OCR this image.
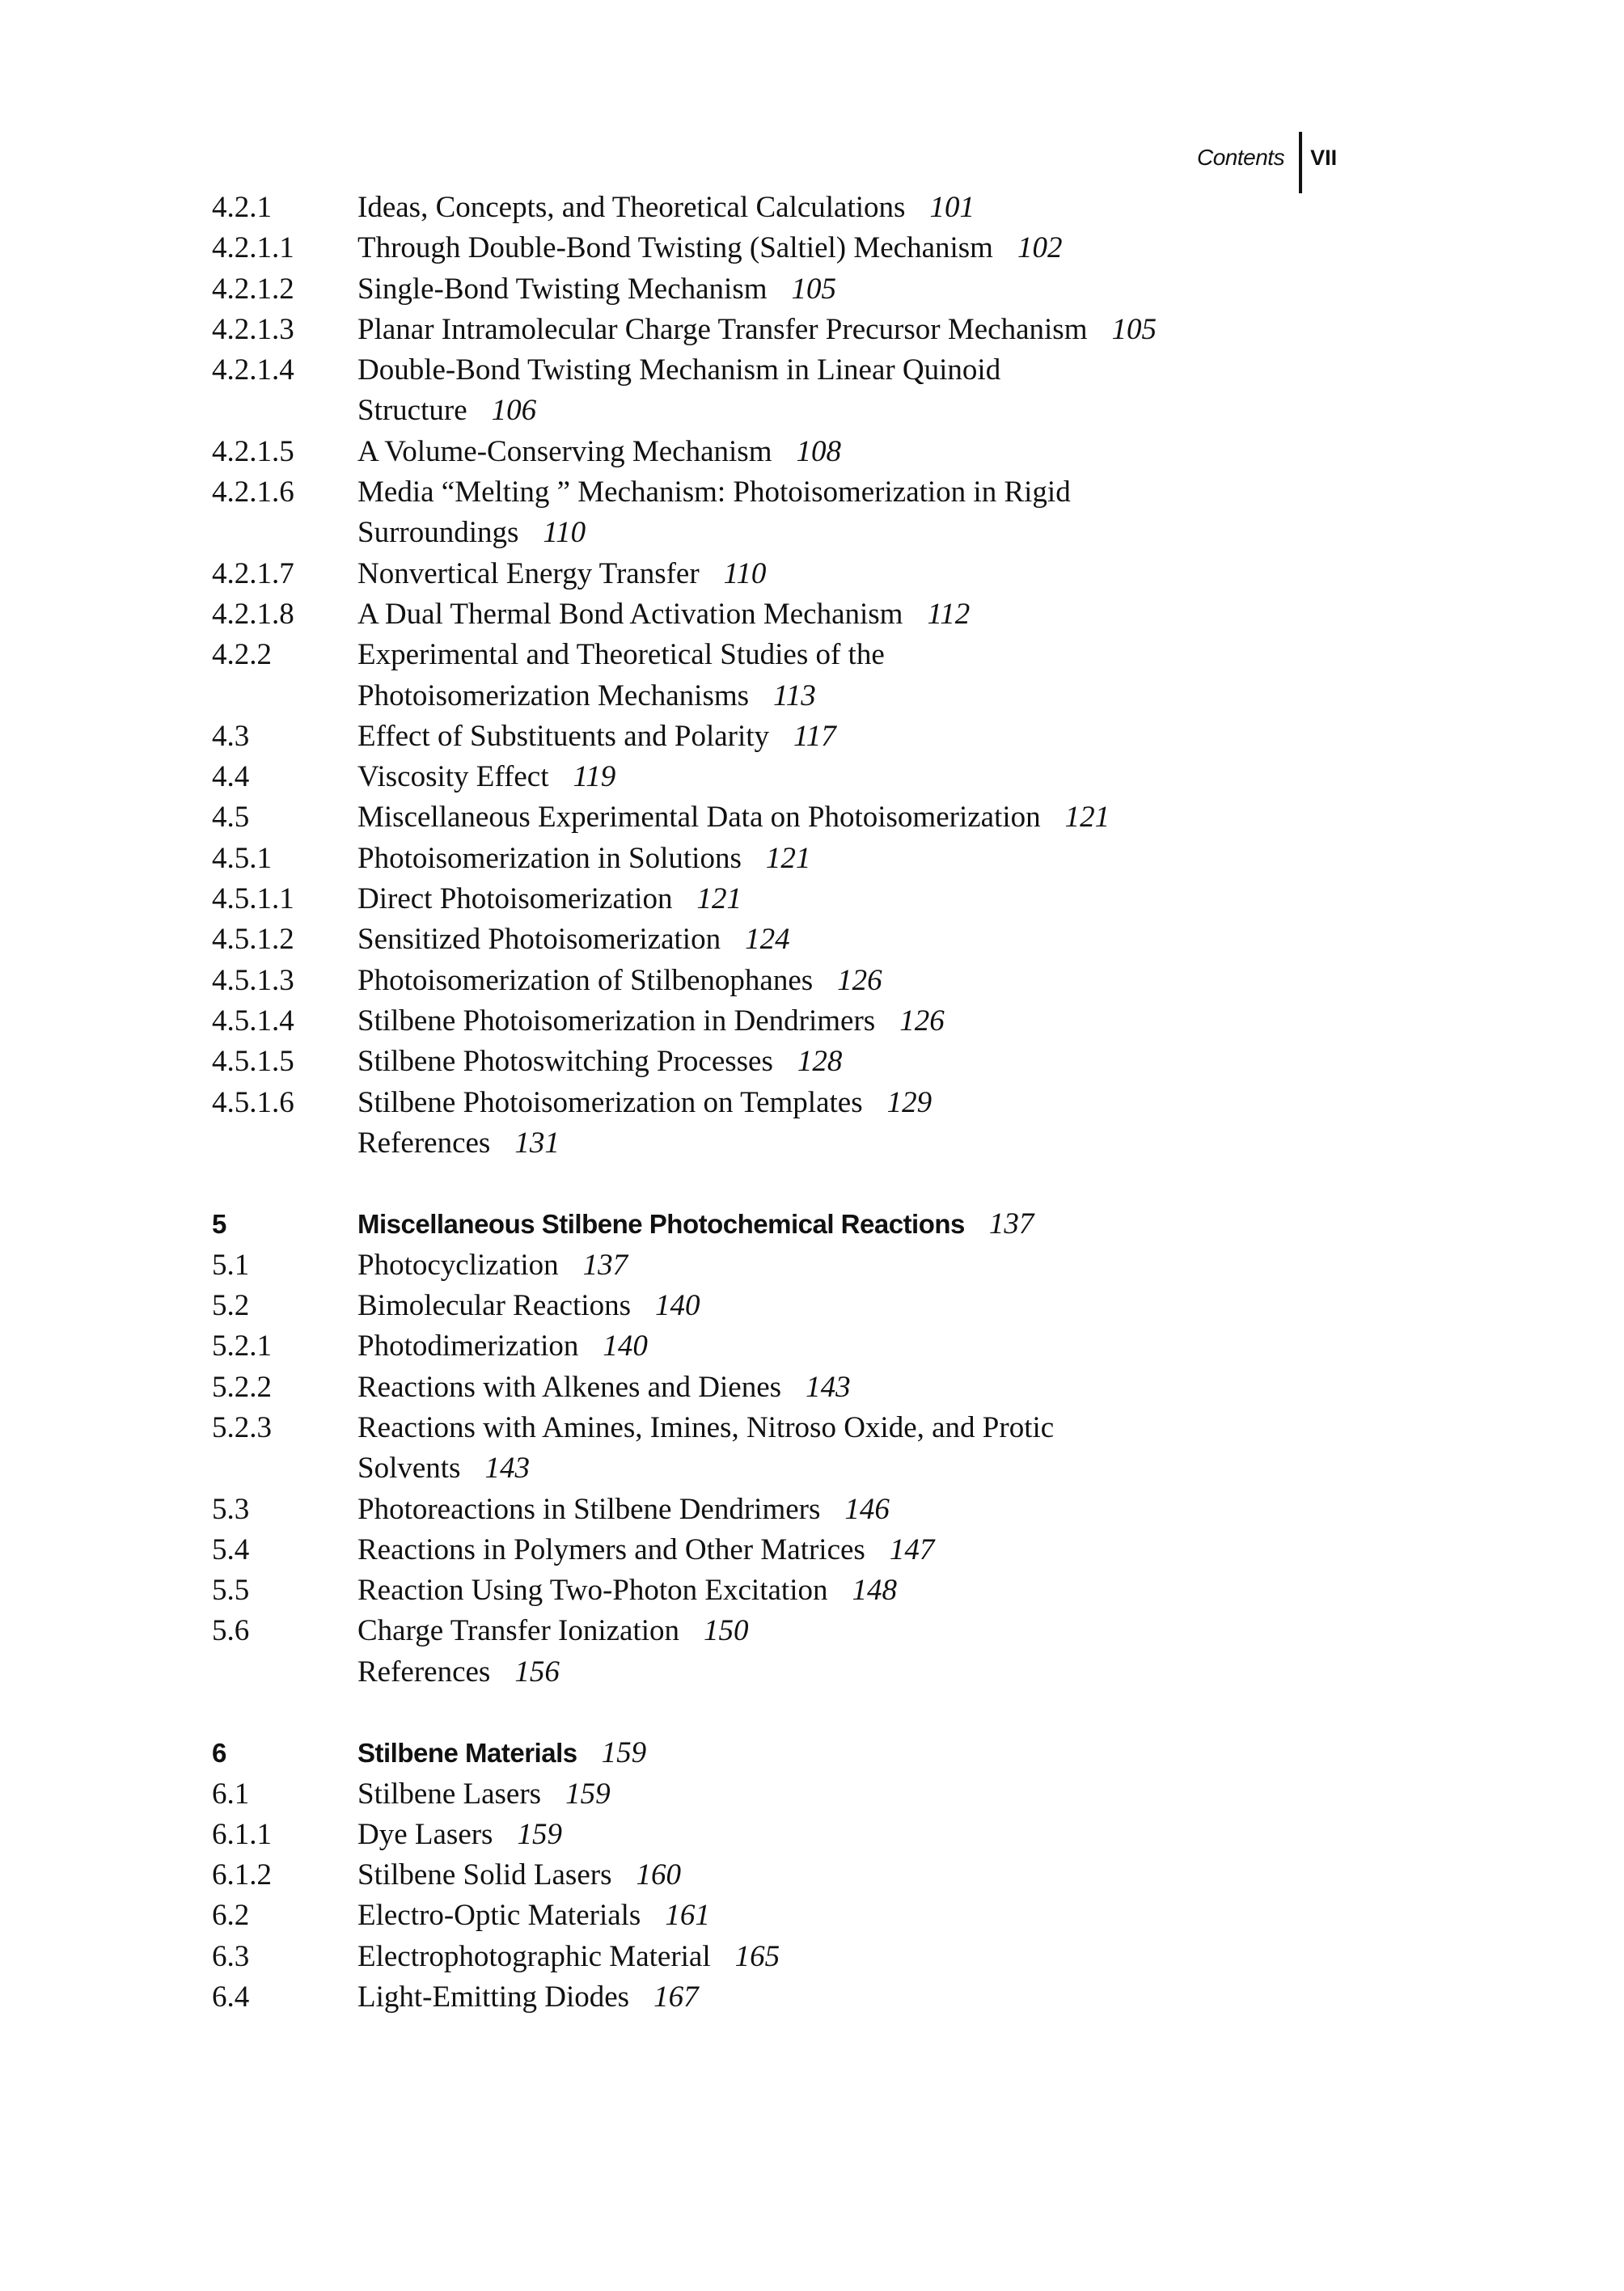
Contents VII
4.2.1	Ideas, Concepts, and Theoretical Calculations 101
4.2.1.1	Through Double-Bond Twisting (Saltiel) Mechanism 102
4.2.1.2	Single-Bond Twisting Mechanism 105
4.2.1.3	Planar Intramolecular Charge Transfer Precursor Mechanism 105
4.2.1.4	Double-Bond Twisting Mechanism in Linear Quinoid
Structure 106
4.2.1.5	A Volume-Conserving Mechanism 108
4.2.1.6	Media “Melting ” Mechanism: Photoisomerization in Rigid
Surroundings 110
4.2.1.7	Nonvertical Energy Transfer 110
4.2.1.8	A Dual Thermal Bond Activation Mechanism 112
4.2.2	Experimental and Theoretical Studies of the
Photoisomerization Mechanisms 113
4.3	Effect of Substituents and Polarity 117
4.4	Viscosity Effect 119
4.5	Miscellaneous Experimental Data on Photoisomerization 121
4.5.1	Photoisomerization in Solutions 121
4.5.1.1	Direct Photoisomerization 121
4.5.1.2	Sensitized Photoisomerization 124
4.5.1.3	Photoisomerization of Stilbenophanes 126
4.5.1.4	Stilbene Photoisomerization in Dendrimers 126
4.5.1.5	Stilbene Photoswitching Processes 128
4.5.1.6	Stilbene Photoisomerization on Templates 129
References 131
5	Miscellaneous Stilbene Photochemical Reactions 137
5.1	Photocyclization 137
5.2	Bimolecular Reactions 140
5.2.1	Photodimerization 140
5.2.2	Reactions with Alkenes and Dienes 143
5.2.3	Reactions with Amines, Imines, Nitroso Oxide, and Protic
Solvents 143
5.3	Photoreactions in Stilbene Dendrimers 146
5.4	Reactions in Polymers and Other Matrices 147
5.5	Reaction Using Two-Photon Excitation 148
5.6	Charge Transfer Ionization 150
References 156
6	Stilbene Materials 159
6.1	Stilbene Lasers 159
6.1.1	Dye Lasers 159
6.1.2	Stilbene Solid Lasers 160
6.2	Electro-Optic Materials 161
6.3	Electrophotographic Material 165
6.4	Light-Emitting Diodes 167
